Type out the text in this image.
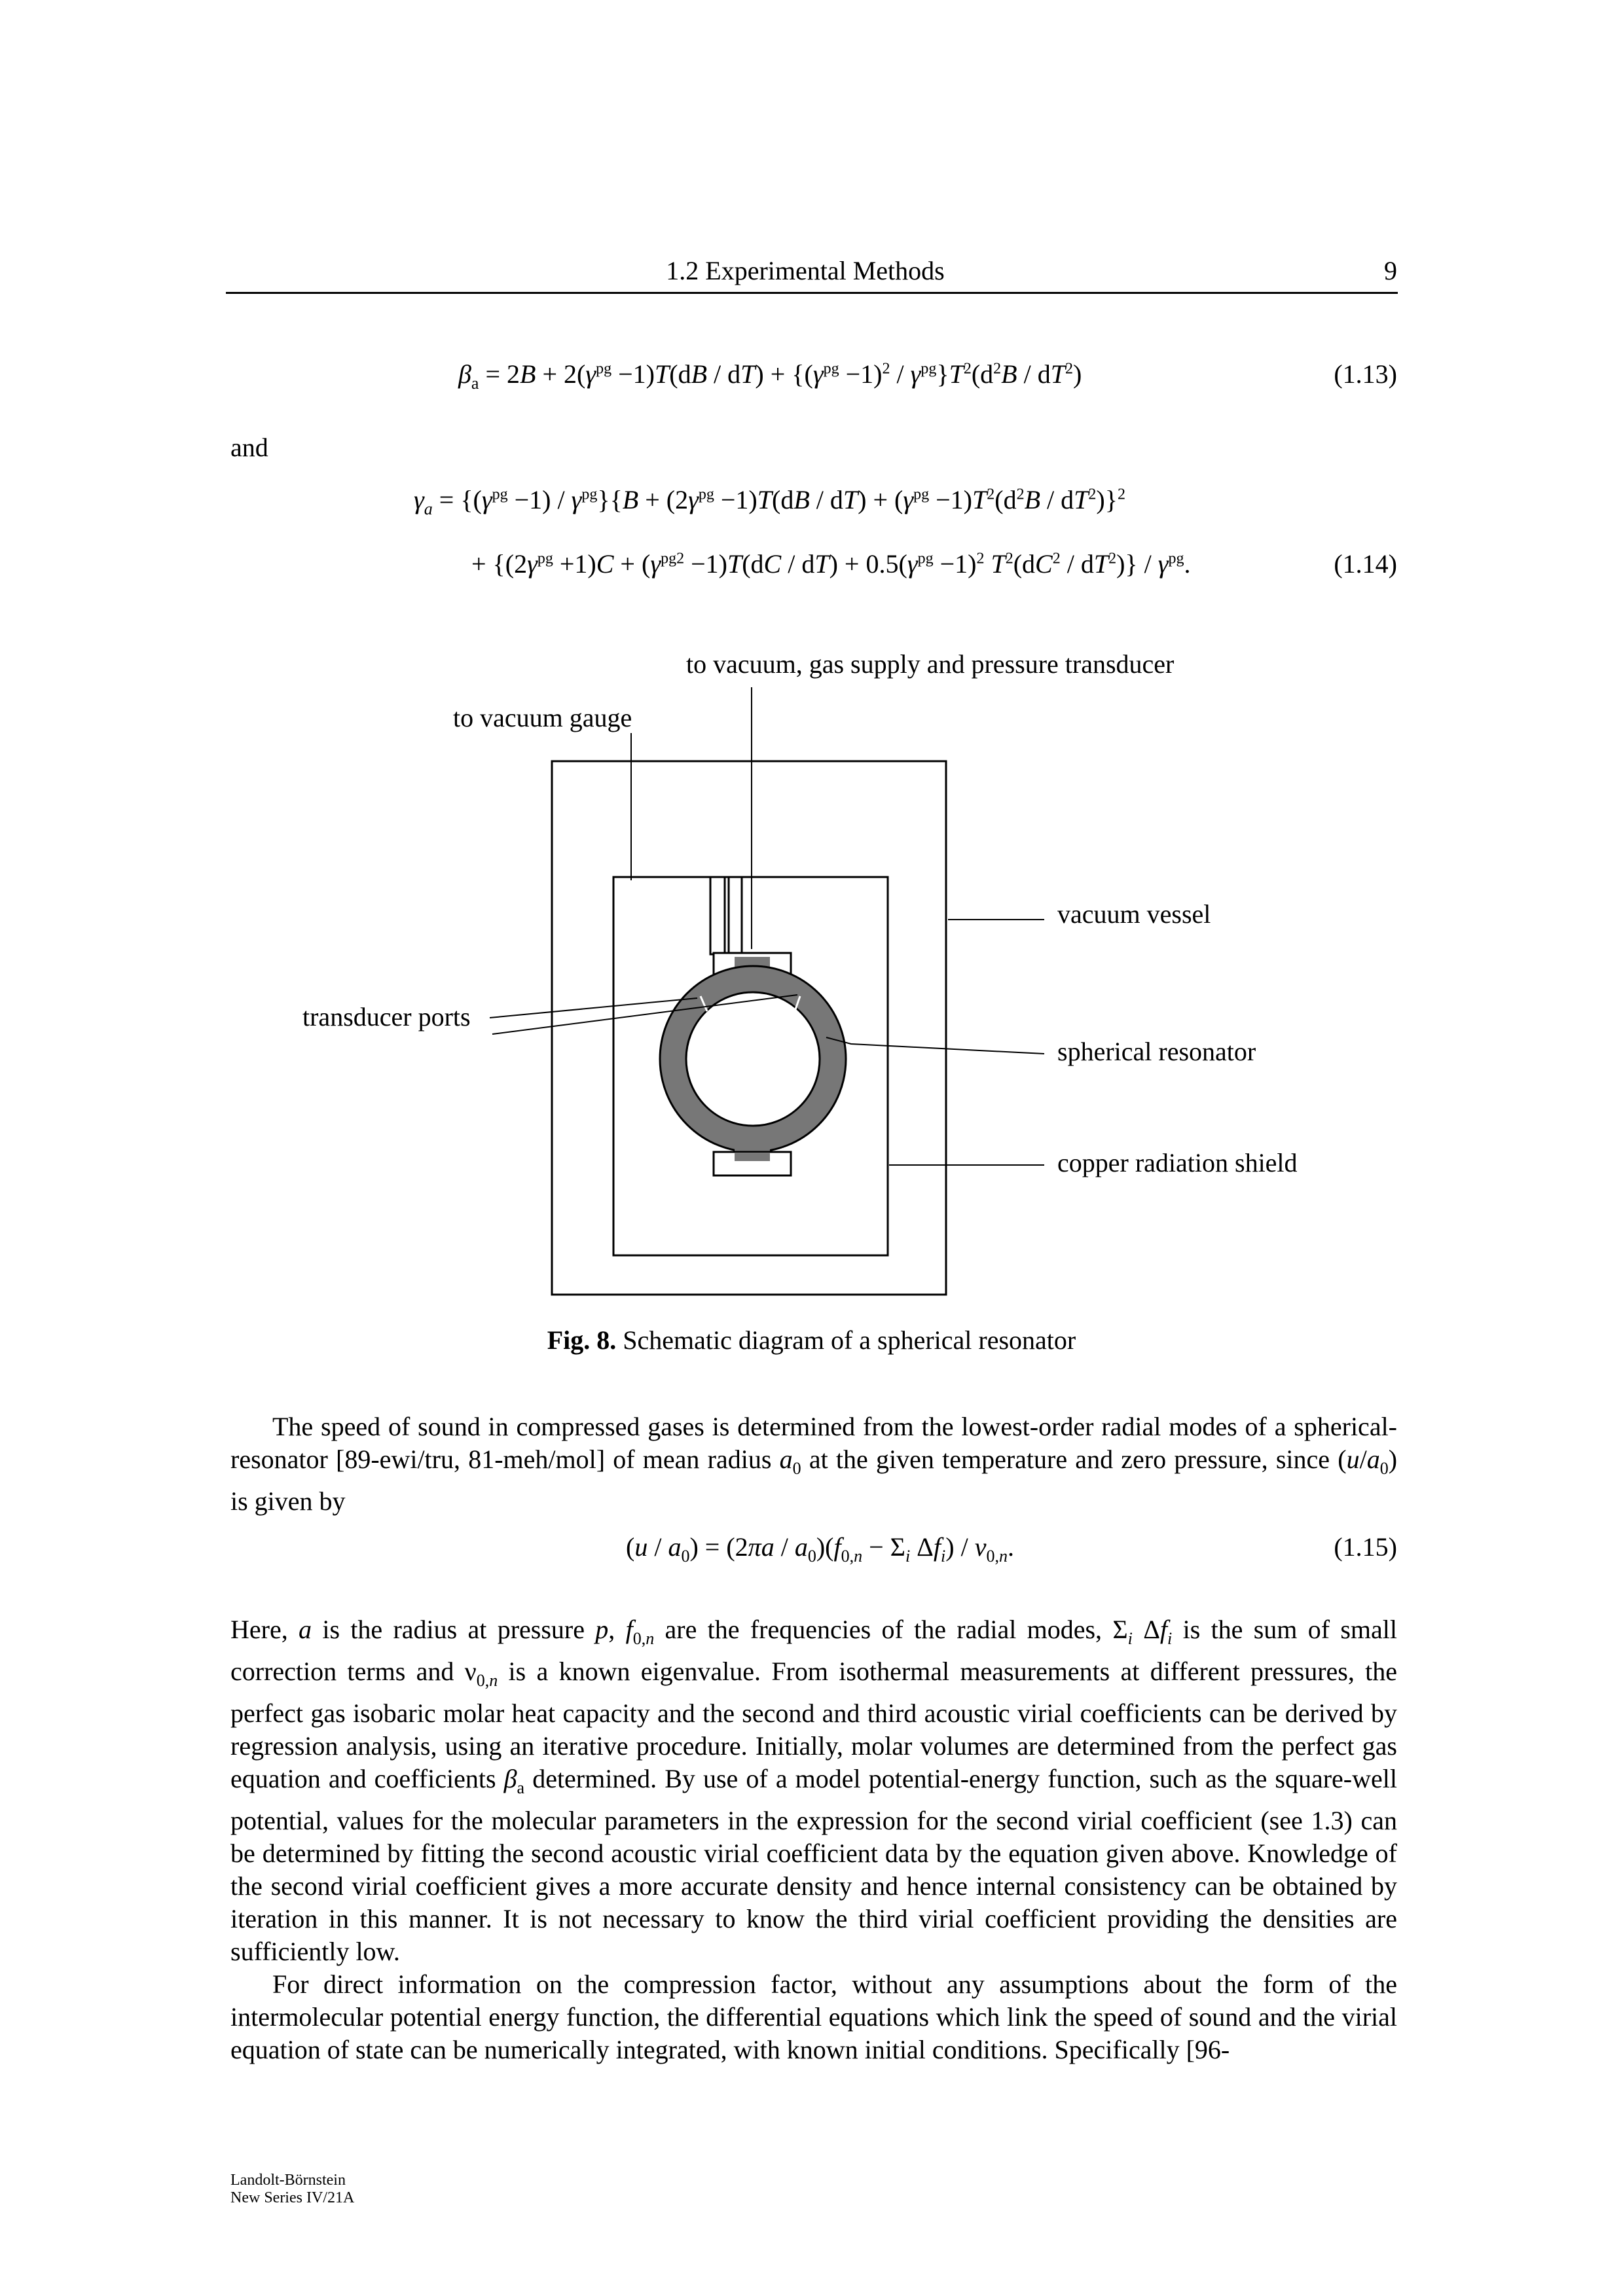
1.2 Experimental Methods	9
$\beta_a = 2B + 2(\gamma^{pg} -1)T(dB / dT) + \{(\gamma^{pg} -1)^2 / \gamma^{pg}\}T^2(d^2B / dT^2)$	(1.13)
and
$\gamma_a = \{(\gamma^{pg} -1) / \gamma^{pg}\}\{B + (2\gamma^{pg} -1)T(dB / dT) + (\gamma^{pg} -1)T^2(d^2B / dT^2)\}^2$
+ {$(2\gamma^{pg} +1)C + (\gamma^{pg2} -1)T(dC / dT) + 0.5(\gamma^{pg} -1)^2$ $T^2(dC^2 / dT^2)\} / \gamma^{pg}$.	(1.14)
to vacuum, gas supply and pressure transducer
to vacuum gauge
vacuum vessel
transducer ports
spherical resonator
copper radiation shield
Fig. 8. Schematic diagram of a spherical resonator

The speed of sound in compressed gases is determined from the lowest-order radial modes of a spherical-resonator [89-ewi/tru, 81-meh/mol] of mean radius $a_0$ at the given temperature and zero pressure, since $(u/a_0)$ is given by

$(u / a_0) = (2\pi a / a_0)(f_{0,n} - \Sigma_i$ $\Delta f_i) / \nu_{0,n}$.	(1.15)

Here, a is the radius at pressure p, $f_{0,n}$ are the frequencies of the radial modes, $\Sigma_i$ $\Delta f_i$ is the sum of small correction terms and $\nu_{0,n}$ is a known eigenvalue. From isothermal measurements at different pressures, the perfect gas isobaric molar heat capacity and the second and third acoustic virial coefficients can be derived by regression analysis, using an iterative procedure. Initially, molar volumes are determined from the perfect gas equation and coefficients $\beta_a$ determined. By use of a model potential-energy function, such as the square-well potential, values for the molecular parameters in the expression for the second virial coefficient (see 1.3) can be determined by fitting the second acoustic virial coefficient data by the equation given above. Knowledge of the second virial coefficient gives a more accurate density and hence internal consistency can be obtained by iteration in this manner. It is not necessary to know the third virial coefficient providing the densities are sufficiently low.

For direct information on the compression factor, without any assumptions about the form of the intermolecular potential energy function, the differential equations which link the speed of sound and the virial equation of state can be numerically integrated, with known initial conditions. Specifically [96-

Landolt-Börnstein
New Series IV/21A
